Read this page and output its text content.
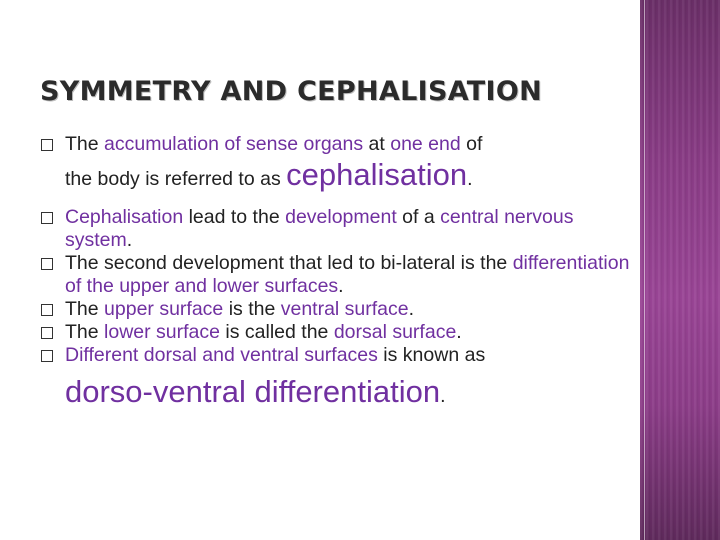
SYMMETRY AND CEPHALISATION
The accumulation of sense organs at one end of
the body is referred to as cephalisation.
Cephalisation lead to the development of a central nervous system.
The second development that led to bi-lateral is the differentiation of the upper and lower surfaces.
The upper surface is the ventral surface.
The lower surface is called the dorsal surface.
Different dorsal and ventral surfaces is known as
dorso-ventral differentiation.
